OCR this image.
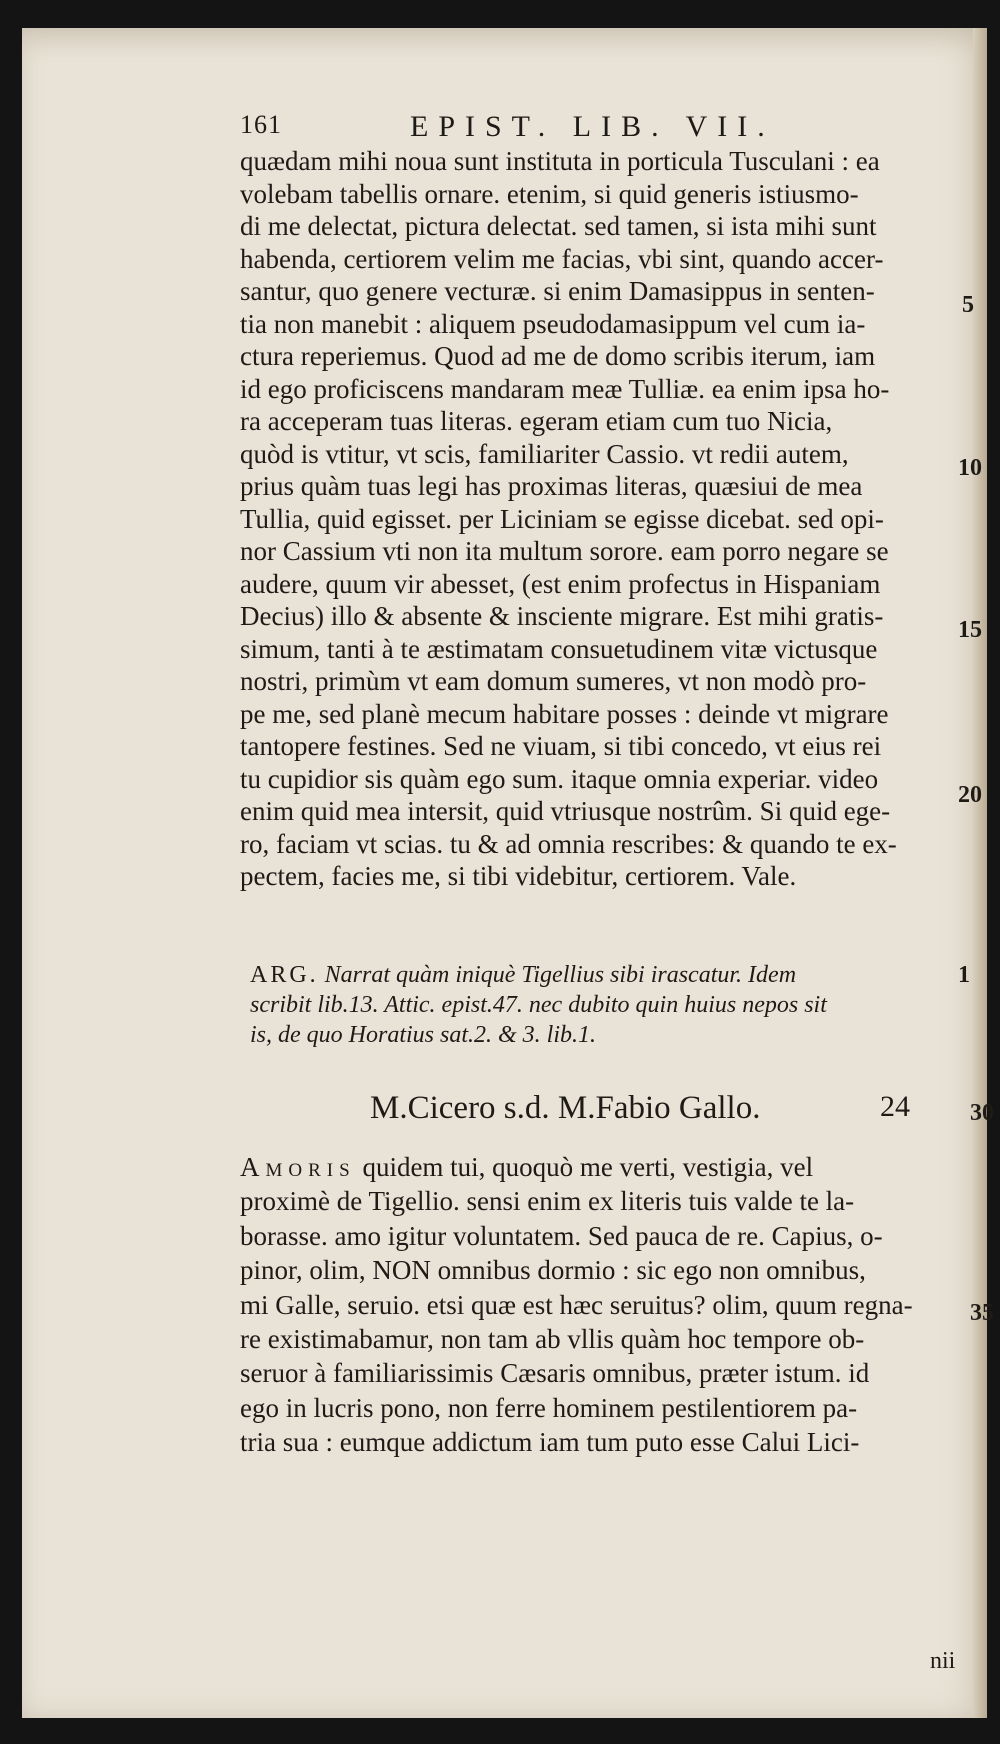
161	EPIST. LIB. VII.
quædam mihi noua sunt instituta in porticula Tusculani : ea
volebam tabellis ornare. etenim, si quid generis istiusmo-
di me delectat, pictura delectat. sed tamen, si ista mihi sunt
habenda, certiorem velim me facias, vbi sint, quando accer-
santur, quo genere vecturæ. si enim Damasippus in senten-
tia non manebit : aliquem pseudodamasippum vel cum ia-
ctura reperiemus. Quod ad me de domo scribis iterum, iam
id ego proficiscens mandaram meæ Tulliæ. ea enim ipsa ho-
ra acceperam tuas literas. egeram etiam cum tuo Nicia,
quòd is vtitur, vt scis, familiariter Cassio. vt redii autem,
prius quàm tuas legi has proximas literas, quæsiui de mea
Tullia, quid egisset. per Liciniam se egisse dicebat. sed opi-
nor Cassium vti non ita multum sorore. eam porro negare se
audere, quum vir abesset, (est enim profectus in Hispaniam
Decius) illo & absente & insciente migrare. Est mihi gratis-
simum, tanti à te æstimatam consuetudinem vitæ victusque
nostri, primùm vt eam domum sumeres, vt non modò pro-
pe me, sed planè mecum habitare posses : deinde vt migrare
tantopere festines. Sed ne viuam, si tibi concedo, vt eius rei
tu cupidior sis quàm ego sum. itaque omnia experiar. video
enim quid mea intersit, quid vtriusque nostrûm. Si quid ege-
ro, faciam vt scias. tu & ad omnia rescribes: & quando te ex-
pectem, facies me, si tibi videbitur, certiorem. Vale.
5
10
15
20
30
35
ARG. Narrat quàm iniquè Tigellius sibi irascatur. Idem
scribit lib.13. Attic. epist.47. nec dubito quin huius nepos sit
is, de quo Horatius sat.2. & 3. lib.1.
1
M.Cicero s.d. M.Fabio Gallo.	24
Amoris quidem tui, quoquò me verti, vestigia, vel
proximè de Tigellio. sensi enim ex literis tuis valde te la-
borasse. amo igitur voluntatem. Sed pauca de re. Capius, o-
pinor, olim, NON omnibus dormio : sic ego non omnibus,
mi Galle, seruio. etsi quæ est hæc seruitus? olim, quum regna-
re existimabamur, non tam ab vllis quàm hoc tempore ob-
seruor à familiarissimis Cæsaris omnibus, præter istum. id
ego in lucris pono, non ferre hominem pestilentiorem pa-
tria sua : eumque addictum iam tum puto esse Calui Lici-
nii
